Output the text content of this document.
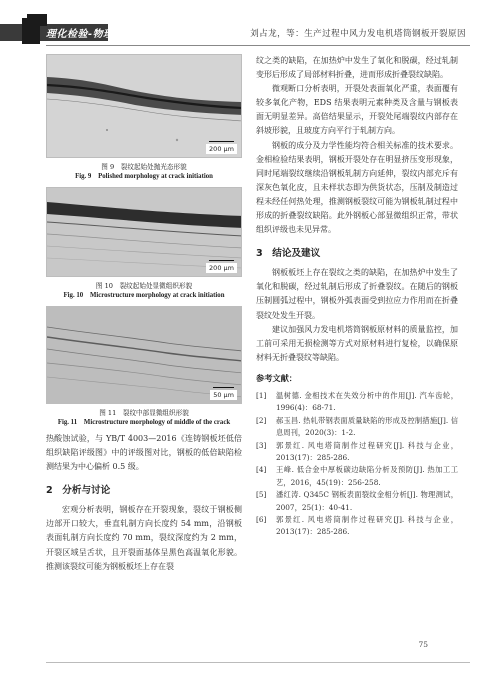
理化检验-物理分册	刘占龙，等：生产过程中风力发电机塔筒钢板开裂原因
200 μm
图 9　裂纹起始处抛光态形貌
Fig. 9　Polished morphology at crack initiation
200 μm
图 10　裂纹起始处显微组织形貌
Fig. 10　Microstructure morphology at crack initiation
50 μm
图 11　裂纹中部显微组织形貌
Fig. 11　Microstructure morphology of middle of the crack

热酸蚀试验，与 YB/T 4003—2016《连铸钢板坯低倍组织缺陷评级图》中的评级图对比，钢板的低倍缺陷检测结果为中心偏析 0.5 级。

2　分析与讨论

宏观分析表明，钢板存在开裂现象，裂纹于钢板侧边部开口较大，垂直轧制方向长度约 54 mm，沿钢板表面轧制方向长度约 70 mm，裂纹深度约为 2 mm，开裂区域呈舌状，且开裂面基体呈黑色高温氧化形貌。推测该裂纹可能为钢板板坯上存在裂

纹之类的缺陷，在加热炉中发生了氧化和脱碳，经过轧制变形后形成了局部材料折叠，进而形成折叠裂纹缺陷。

微观断口分析表明，开裂处表面氧化严重，表面覆有较多氧化产物，EDS 结果表明元素种类及含量与钢板表面无明显差异。高倍结果显示，开裂处尾端裂纹内部存在斜坡形貌，且玻度方向平行于轧制方向。

钢板的成分及力学性能均符合相关标准的技术要求。金相检验结果表明，钢板开裂处存在明显挤压变形现象，同时尾端裂纹继续沿钢板轧制方向延伸，裂纹内部充斥有深灰色氧化皮，且未样状态即为供货状态，压制及制造过程未经任何热处理，推测钢板裂纹可能为钢板轧制过程中形成的折叠裂纹缺陷。此外钢板心部显微组织正常，带状组织评级也未见异常。

3　结论及建议

钢板板坯上存在裂纹之类的缺陷，在加热炉中发生了氧化和脱碳，经过轧制后形成了折叠裂纹。在随后的钢板压制圆弧过程中，钢板外弧表面受到拉应力作用而在折叠裂纹处发生开裂。

建议加强风力发电机塔筒钢板原材料的质量监控，加工前可采用无损检测等方式对原材料进行复检，以确保原材料无折叠裂纹等缺陷。

参考文献：
[1] 温树德. 金相技术在失效分析中的作用[J]. 汽车齿轮，1996(4)：68-71.
[2] 郝玉昌. 热轧带钢表面质量缺陷的形成及控制措施[J]. 信息周刊，2020(3)：1-2.
[3] 郭景红. 风电塔筒制作过程研究[J]. 科技与企业，2013(17)：285-286.
[4] 王峰. 低合金中厚板碳边缺陷分析及预防[J]. 热加工工艺，2016，45(19)：256-258.
[5] 潘红涛. Q345C 钢板表面裂纹金相分析[J]. 物理测试，2007，25(1)：40-41.
[6] 郭景红. 风电塔筒制作过程研究[J]. 科技与企业，2013(17)：285-286.
75
